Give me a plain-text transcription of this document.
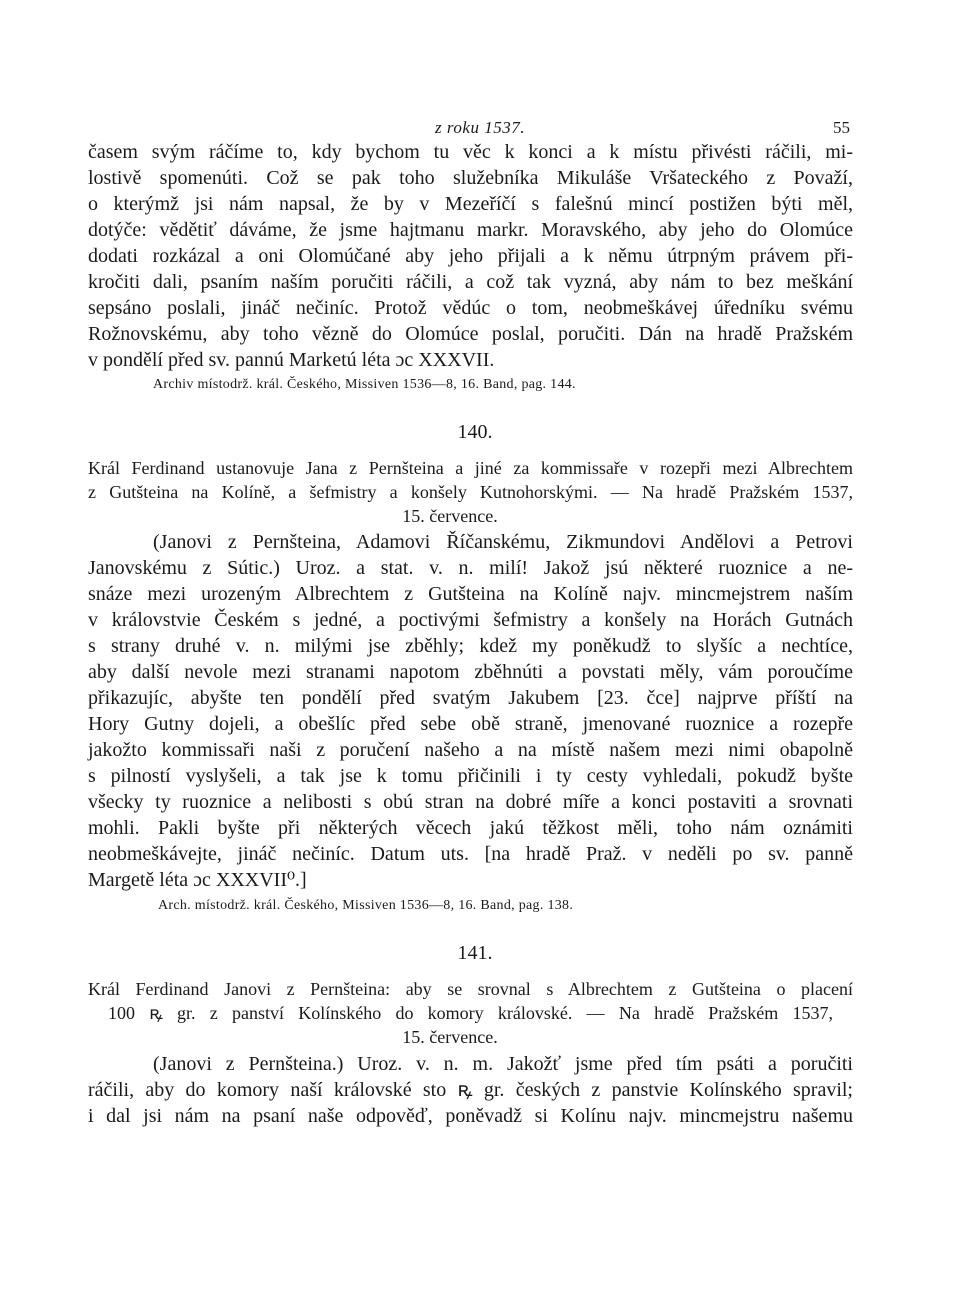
z roku 1537.	55
časem svým ráčíme to, kdy bychom tu věc k konci a k místu přivésti ráčili, mi-
lostivě spomenúti. Což se pak toho služebníka Mikuláše Vršateckého z Považí,
o kterýmž jsi nám napsal, že by v Mezeříčí s falešnú mincí postižen býti měl,
dotýče: vědětiť dáváme, že jsme hajtmanu markr. Moravského, aby jeho do Olomúce
dodati rozkázal a oni Olomúčané aby jeho přijali a k němu útrpným právem při-
kročiti dali, psaním naším poručiti ráčili, a což tak vyzná, aby nám to bez meškání
sepsáno poslali, jináč nečiníc. Protož vědúc o tom, neobmeškávej úředníku svému
Rožnovskému, aby toho vězně do Olomúce poslal, poručiti. Dán na hradě Pražském
v pondělí před sv. pannú Marketú léta ɔc XXXVII.
Archiv místodrž. král. Českého, Missiven 1536—8, 16. Band, pag. 144.
140.
Král Ferdinand ustanovuje Jana z Pernšteina a jiné za kommissaře v rozepři mezi Albrechtem
z Gutšteina na Kolíně, a šefmistry a konšely Kutnohorskými. — Na hradě Pražském 1537,
15. července.
(Janovi z Pernšteina, Adamovi Říčanskému, Zikmundovi Andělovi a Petrovi
Janovskému z Sútic.) Uroz. a stat. v. n. milí! Jakož jsú některé ruoznice a ne-
snáze mezi urozeným Albrechtem z Gutšteina na Kolíně najv. mincmejstrem naším
v královstvie Českém s jedné, a poctivými šefmistry a konšely na Horách Gutnách
s strany druhé v. n. milými jse zběhly; kdež my poněkudž to slyšíc a nechtíce,
aby další nevole mezi stranami napotom zběhnúti a povstati měly, vám poroučíme
přikazujíc, abyšte ten pondělí před svatým Jakubem [23. čce] najprve příští na
Hory Gutny dojeli, a obešlíc před sebe obě straně, jmenované ruoznice a rozepře
jakožto kommissaři naši z poručení našeho a na místě našem mezi nimi obapolně
s pilností vyslyšeli, a tak jse k tomu přičinili i ty cesty vyhledali, pokudž byšte
všecky ty ruoznice a nelibosti s obú stran na dobré míře a konci postaviti a srovnati
mohli. Pakli byšte při některých věcech jakú těžkost měli, toho nám oznámiti
neobmeškávejte, jináč nečiníc. Datum uts. [na hradě Praž. v neděli po sv. panně
Margetě léta ɔc XXXVII⁰.]
Arch. místodrž. král. Českého, Missiven 1536—8, 16. Band, pag. 138.
141.
Král Ferdinand Janovi z Pernšteina: aby se srovnal s Albrechtem z Gutšteina o placení
100 ꝶ gr. z panství Kolínského do komory královské. — Na hradě Pražském 1537,
15. července.
(Janovi z Pernšteina.) Uroz. v. n. m. Jakožť jsme před tím psáti a poručiti
ráčili, aby do komory naší královské sto ꝶ gr. českých z panstvie Kolínského spravil;
i dal jsi nám na psaní naše odpověď, poněvadž si Kolínu najv. mincmejstru našemu
